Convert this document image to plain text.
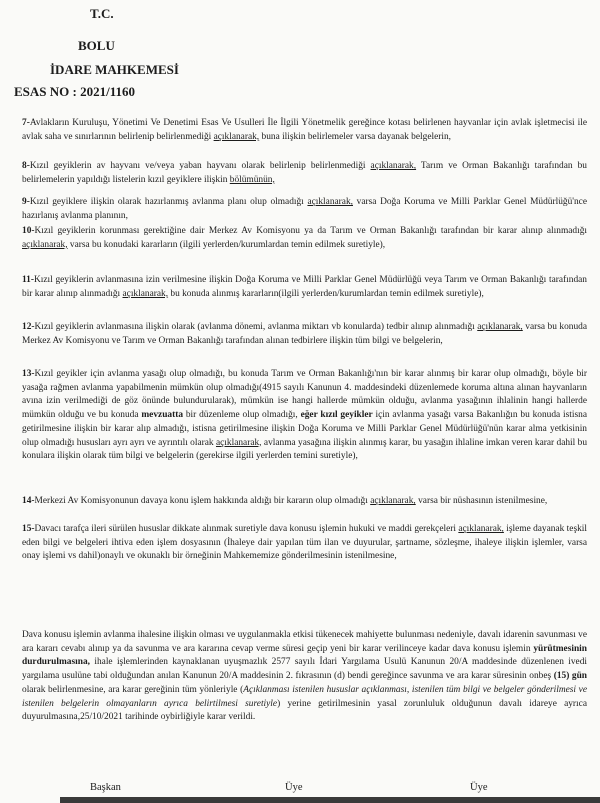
T.C.
BOLU
İDARE MAHKEMESİ
ESAS NO : 2021/1160
7-Avlakların Kuruluşu, Yönetimi Ve Denetimi Esas Ve Usulleri İle İlgili Yönetmelik gereğince kotası belirlenen hayvanlar için avlak işletmecisi ile avlak saha ve sınırlarının belirlenip belirlenmediği açıklanarak, buna ilişkin belirlemeler varsa dayanak belgelerin,
8-Kızıl geyiklerin av hayvanı ve/veya yaban hayvanı olarak belirlenip belirlenmediği açıklanarak, Tarım ve Orman Bakanlığı tarafından bu belirlemelerin yapıldığı listelerin kızıl geyiklere ilişkin bölümünün,
9-Kızıl geyiklere ilişkin olarak hazırlanmış avlanma planı olup olmadığı açıklanarak, varsa Doğa Koruma ve Milli Parklar Genel Müdürlüğü'nce hazırlanış avlanma planının,
10-Kızıl geyiklerin korunması gerektiğine dair Merkez Av Komisyonu ya da Tarım ve Orman Bakanlığı tarafından bir karar alınıp alınmadığı açıklanarak, varsa bu konudaki kararların (ilgili yerlerden/kurumlardan temin edilmek suretiyle),
11-Kızıl geyiklerin avlanmasına izin verilmesine ilişkin Doğa Koruma ve Milli Parklar Genel Müdürlüğü veya Tarım ve Orman Bakanlığı tarafından bir karar alınıp alınmadığı açıklanarak, bu konuda alınmış kararların(ilgili yerlerden/kurumlardan temin edilmek suretiyle),
12-Kızıl geyiklerin avlanmasına ilişkin olarak (avlanma dönemi, avlanma miktarı vb konularda) tedbir alınıp alınmadığı açıklanarak, varsa bu konuda Merkez Av Komisyonu ve Tarım ve Orman Bakanlığı tarafından alınan tedbirlere ilişkin tüm bilgi ve belgelerin,
13-Kızıl geyikler için avlanma yasağı olup olmadığı, bu konuda Tarım ve Orman Bakanlığı'nın bir karar alınmış bir karar olup olmadığı, böyle bir yasağa rağmen avlanma yapabilmenin mümkün olup olmadığı(4915 sayılı Kanunun 4. maddesindeki düzenlemede koruma altına alınan hayvanların avına izin verilmediği de göz önünde bulundurularak), mümkün ise hangi hallerde mümkün olduğu, avlanma yasağının ihlalinin hangi hallerde mümkün olduğu ve bu konuda mevzuatta bir düzenleme olup olmadığı, eğer kızıl geyikler için avlanma yasağı varsa Bakanlığın bu konuda istisna getirilmesine ilişkin bir karar alıp almadığı, istisna getirilmesine ilişkin Doğa Koruma ve Milli Parklar Genel Müdürlüğü'nün karar alma yetkisinin olup olmadığı hususları ayrı ayrı ve ayrıntılı olarak açıklanarak, avlanma yasağına ilişkin alınmış karar, bu yasağın ihlaline imkan veren karar dahil bu konulara ilişkin olarak tüm bilgi ve belgelerin (gerekirse ilgili yerlerden temini suretiyle),
14-Merkezi Av Komisyonunun davaya konu işlem hakkında aldığı bir kararın olup olmadığı açıklanarak, varsa bir nüshasının istenilmesine,
15-Davacı tarafça ileri sürülen hususlar dikkate alınmak suretiyle dava konusu işlemin hukuki ve maddi gerekçeleri açıklanarak, işleme dayanak teşkil eden bilgi ve belgeleri ihtiva eden işlem dosyasının (İhaleye dair yapılan tüm ilan ve duyurular, şartname, sözleşme, ihaleye ilişkin işlemler, varsa onay işlemi vs dahil)onaylı ve okunaklı bir örneğinin Mahkememize gönderilmesinin istenilmesine,
Dava konusu işlemin avlanma ihalesine ilişkin olması ve uygulanmakla etkisi tükenecek mahiyette bulunması nedeniyle, davalı idarenin savunması ve ara kararı cevabı alınıp ya da savunma ve ara kararına cevap verme süresi geçip yeni bir karar verilinceye kadar dava konusu işlemin yürütmesinin durdurulmasına, ihale işlemlerinden kaynaklanan uyuşmazlık 2577 sayılı İdari Yargılama Usulü Kanunun 20/A maddesinde düzenlenen ivedi yargılama usulüne tabi olduğundan anılan Kanunun 20/A maddesinin 2. fıkrasının (d) bendi gereğince savunma ve ara karar süresinin onbeş (15) gün olarak belirlenmesine, ara karar gereğinin tüm yönleriyle (Açıklanması istenilen hususlar açıklanması, istenilen tüm bilgi ve belgeler gönderilmesi ve istenilen belgelerin olmayanların ayrıca belirtilmesi suretiyle) yerine getirilmesinin yasal zorunluluk olduğunun davalı idareye ayrıca duyurulmasına,25/10/2021 tarihinde oybirliğiyle karar verildi.
Başkan	Üye	Üye
